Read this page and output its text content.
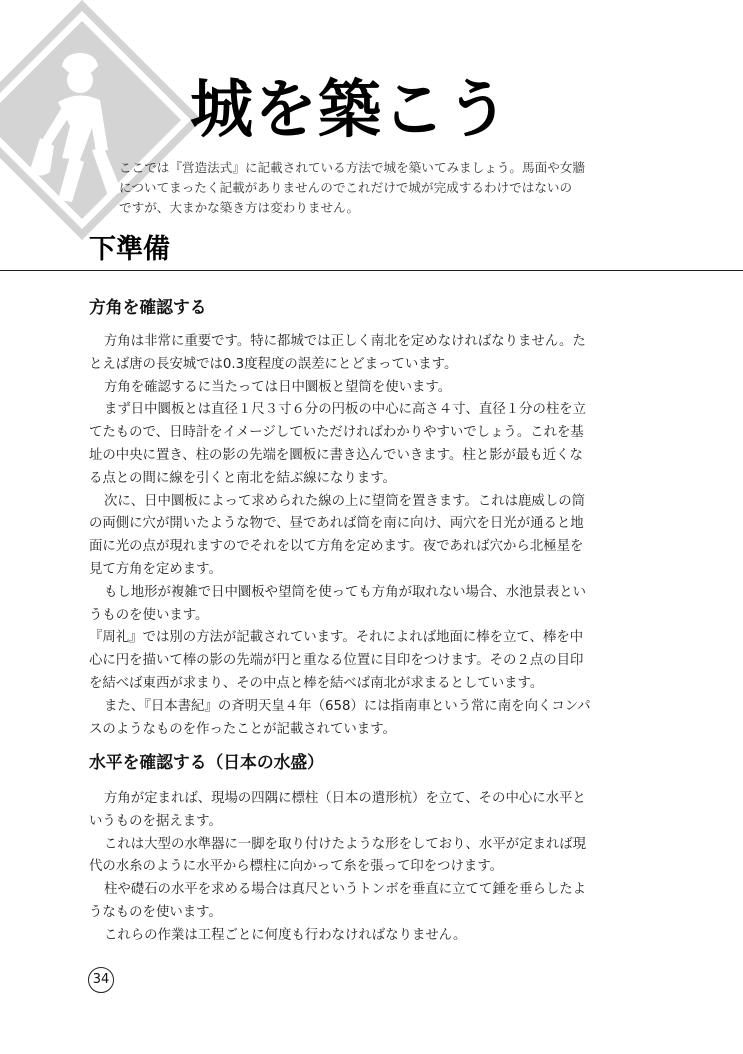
城を築こう

ここでは『営造法式』に記載されている方法で城を築いてみましょう。馬面や女牆

についてまったく記載がありませんのでこれだけで城が完成するわけではないの

ですが、大まかな築き方は変わりません。

下準備
方角を確認する

方角は非常に重要です。特に都城では正しく南北を定めなければなりません。た

とえば唐の長安城では0.3度程度の誤差にとどまっています。

方角を確認するに当たっては日中圜板と望筒を使います。

まず日中圜板とは直径１尺３寸６分の円板の中心に高さ４寸、直径１分の柱を立

てたもので、日時計をイメージしていただければわかりやすいでしょう。これを基

址の中央に置き、柱の影の先端を圜板に書き込んでいきます。柱と影が最も近くな

る点との間に線を引くと南北を結ぶ線になります。

次に、日中圜板によって求められた線の上に望筒を置きます。これは鹿威しの筒

の両側に穴が開いたような物で、昼であれば筒を南に向け、両穴を日光が通ると地

面に光の点が現れますのでそれを以て方角を定めます。夜であれば穴から北極星を

見て方角を定めます。

もし地形が複雑で日中圜板や望筒を使っても方角が取れない場合、水池景表とい

うものを使います。

『周礼』では別の方法が記載されています。それによれば地面に棒を立て、棒を中

心に円を描いて棒の影の先端が円と重なる位置に目印をつけます。その２点の目印

を結べば東西が求まり、その中点と棒を結べば南北が求まるとしています。

また、『日本書紀』の斉明天皇４年（658）には指南車という常に南を向くコンパ

スのようなものを作ったことが記載されています。

水平を確認する（日本の水盛）

方角が定まれば、現場の四隅に標柱（日本の遣形杭）を立て、その中心に水平と

いうものを据えます。

これは大型の水準器に一脚を取り付けたような形をしており、水平が定まれば現

代の水糸のように水平から標柱に向かって糸を張って印をつけます。

柱や礎石の水平を求める場合は真尺というトンボを垂直に立てて錘を垂らしたよ

うなものを使います。

これらの作業は工程ごとに何度も行わなければなりません。

34
